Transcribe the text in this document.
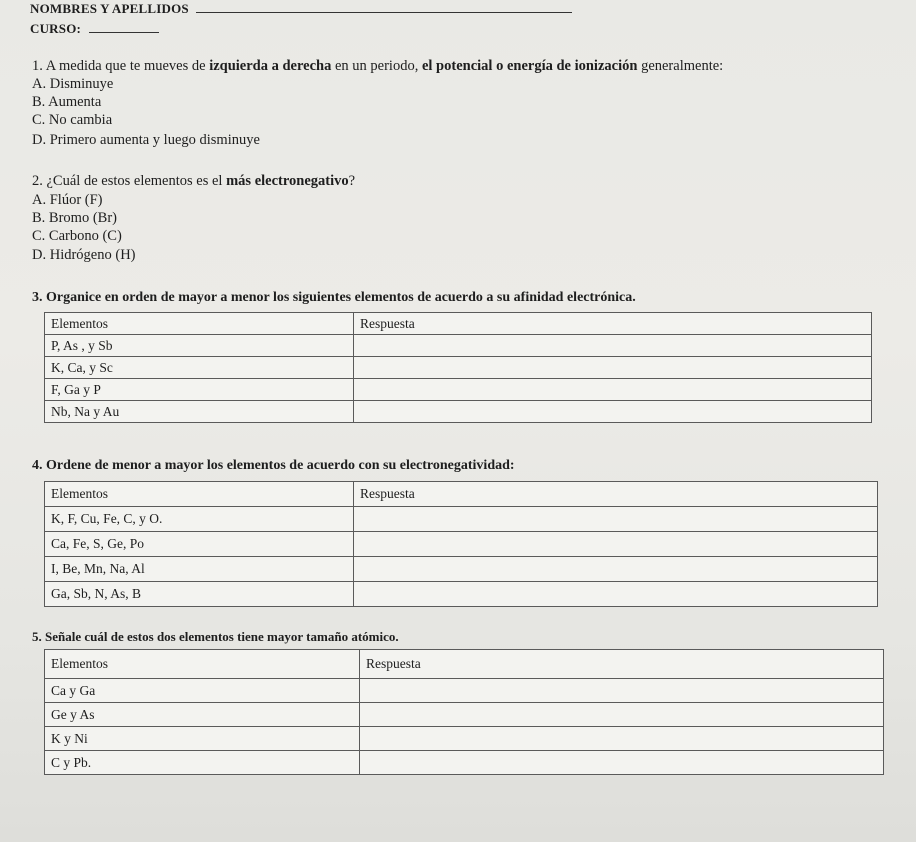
NOMBRES Y APELLIDOS
CURSO:
1. A medida que te mueves de izquierda a derecha en un periodo, el potencial o energía de ionización generalmente:
A. Disminuye
B. Aumenta
C. No cambia
D. Primero aumenta y luego disminuye
2. ¿Cuál de estos elementos es el más electronegativo?
A. Flúor (F)
B. Bromo (Br)
C. Carbono (C)
D. Hidrógeno (H)
3. Organice en orden de mayor a menor los siguientes elementos de acuerdo a su afinidad electrónica.
Elementos	Respuesta
P, As , y Sb	
K, Ca, y Sc	
F, Ga y P	
Nb, Na y Au	
4. Ordene de menor a mayor los elementos de acuerdo con su electronegatividad:
Elementos	Respuesta
K, F, Cu, Fe, C, y O.	
Ca, Fe, S, Ge, Po	
I, Be, Mn, Na, Al	
Ga, Sb, N, As, B	
5. Señale cuál de estos dos elementos tiene mayor tamaño atómico.
Elementos	Respuesta
Ca y Ga	
Ge y As	
K y Ni	
C y Pb.	
